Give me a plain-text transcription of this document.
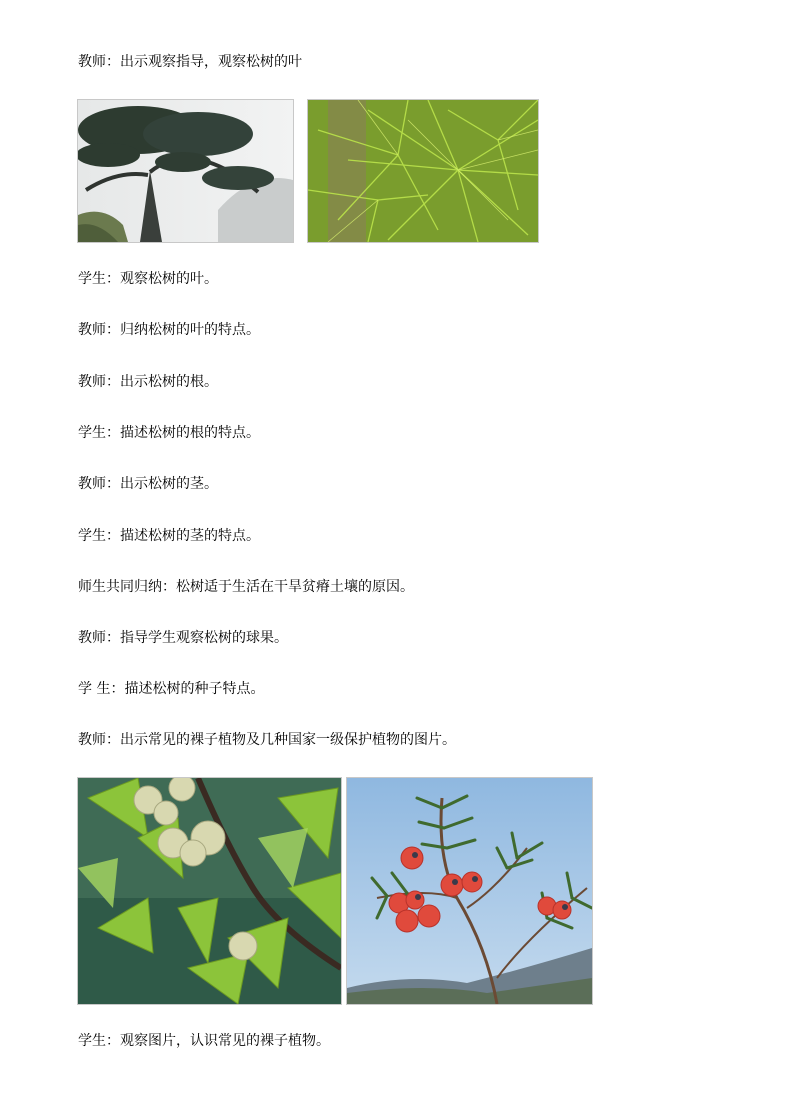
教师：出示观察指导，观察松树的叶
学生：观察松树的叶。
教师：归纳松树的叶的特点。
教师：出示松树的根。
学生：描述松树的根的特点。
教师：出示松树的茎。
学生：描述松树的茎的特点。
师生共同归纳：松树适于生活在干旱贫瘠土壤的原因。
教师：指导学生观察松树的球果。
学 生：描述松树的种子特点。
教师：出示常见的裸子植物及几种国家一级保护植物的图片。
学生：观察图片，认识常见的裸子植物。
